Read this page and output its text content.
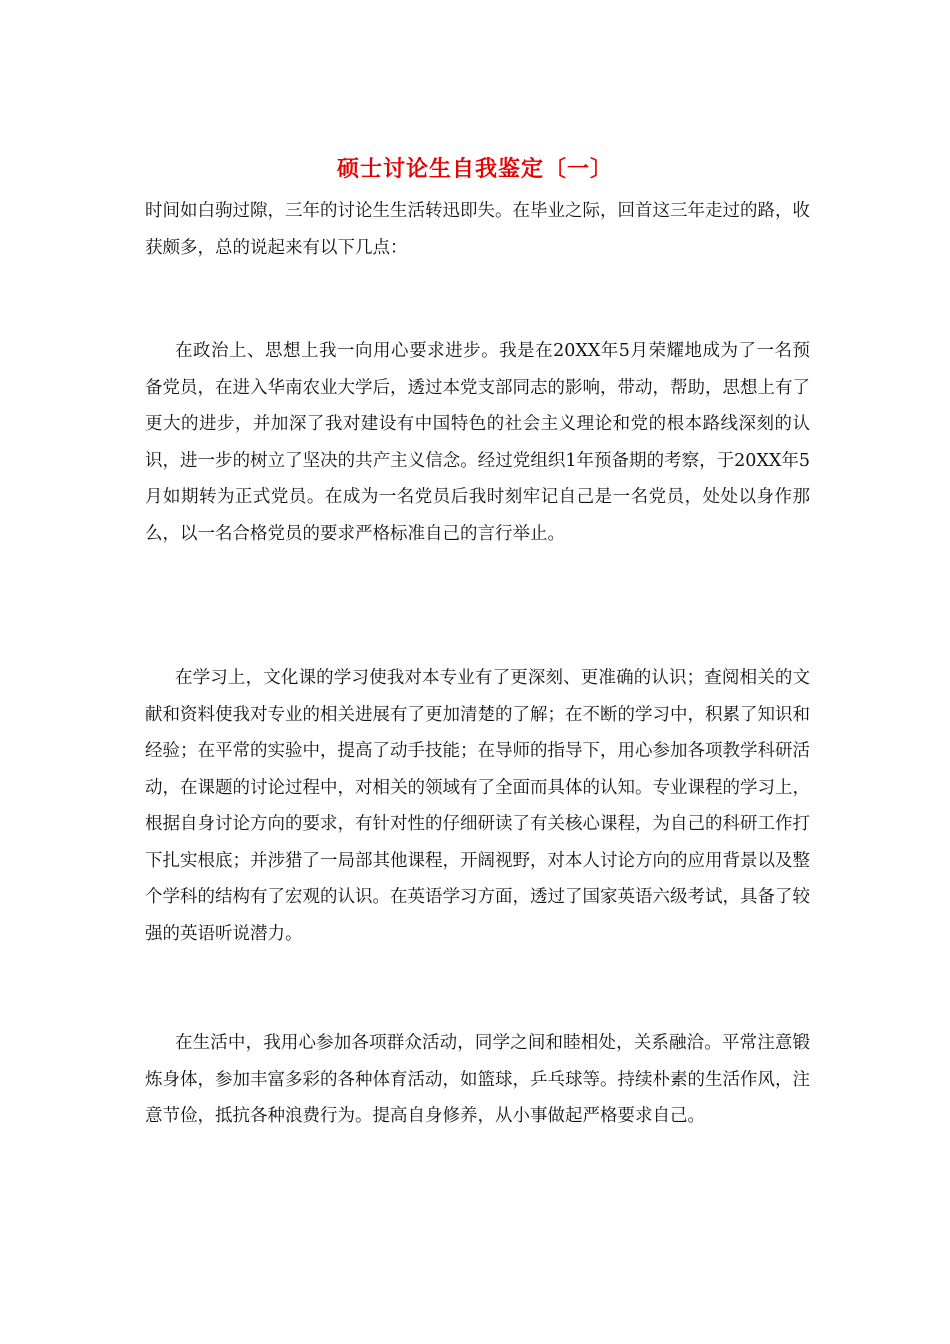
硕士讨论生自我鉴定〔一〕
时间如白驹过隙，三年的讨论生生活转迅即失。在毕业之际，回首这三年走过的路，收获颇多，总的说起来有以下几点：
在政治上、思想上我一向用心要求进步。我是在20XX年5月荣耀地成为了一名预备党员，在进入华南农业大学后，透过本党支部同志的影响，带动，帮助，思想上有了更大的进步，并加深了我对建设有中国特色的社会主义理论和党的根本路线深刻的认识，进一步的树立了坚决的共产主义信念。经过党组织1年预备期的考察，于20XX年5月如期转为正式党员。在成为一名党员后我时刻牢记自己是一名党员，处处以身作那么，以一名合格党员的要求严格标准自己的言行举止。
在学习上，文化课的学习使我对本专业有了更深刻、更准确的认识；查阅相关的文献和资料使我对专业的相关进展有了更加清楚的了解；在不断的学习中，积累了知识和经验；在平常的实验中，提高了动手技能；在导师的指导下，用心参加各项教学科研活动，在课题的讨论过程中，对相关的领域有了全面而具体的认知。专业课程的学习上，根据自身讨论方向的要求，有针对性的仔细研读了有关核心课程，为自己的科研工作打下扎实根底；并涉猎了一局部其他课程，开阔视野，对本人讨论方向的应用背景以及整个学科的结构有了宏观的认识。在英语学习方面，透过了国家英语六级考试，具备了较强的英语听说潜力。
在生活中，我用心参加各项群众活动，同学之间和睦相处，关系融洽。平常注意锻炼身体，参加丰富多彩的各种体育活动，如篮球，乒乓球等。持续朴素的生活作风，注意节俭，抵抗各种浪费行为。提高自身修养，从小事做起严格要求自己。
